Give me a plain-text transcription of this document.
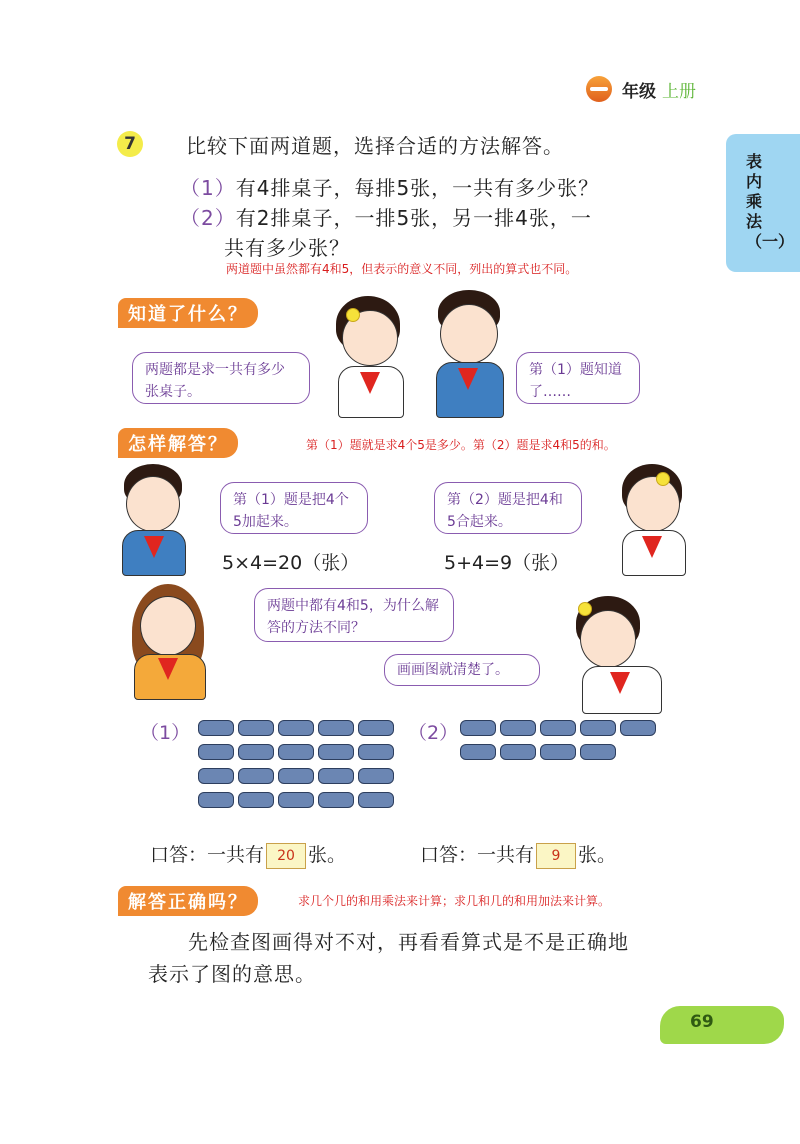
年级 上册
表内乘法（一）
7	比较下面两道题，选择合适的方法解答。
（1）有4排桌子，每排5张，一共有多少张？
（2）有2排桌子，一排5张，另一排4张，一
共有多少张？
两道题中虽然都有4和5，但表示的意义不同，列出的算式也不同。
知道了什么？
两题都是求一共有多少张桌子。
第（1）题知道了……
怎样解答？	第（1）题就是求4个5是多少。第（2）题是求4和5的和。
第（1）题是把4个5加起来。
第（2）题是把4和5合起来。
5×4=20（张）	5+4=9（张）
两题中都有4和5，为什么解答的方法不同？
画画图就清楚了。
（1）	（2）
口答：一共有 20 张。	口答：一共有 9 张。
解答正确吗？	求几个几的和用乘法来计算；求几和几的和用加法来计算。
先检查图画得对不对，再看看算式是不是正确地
表示了图的意思。
69
